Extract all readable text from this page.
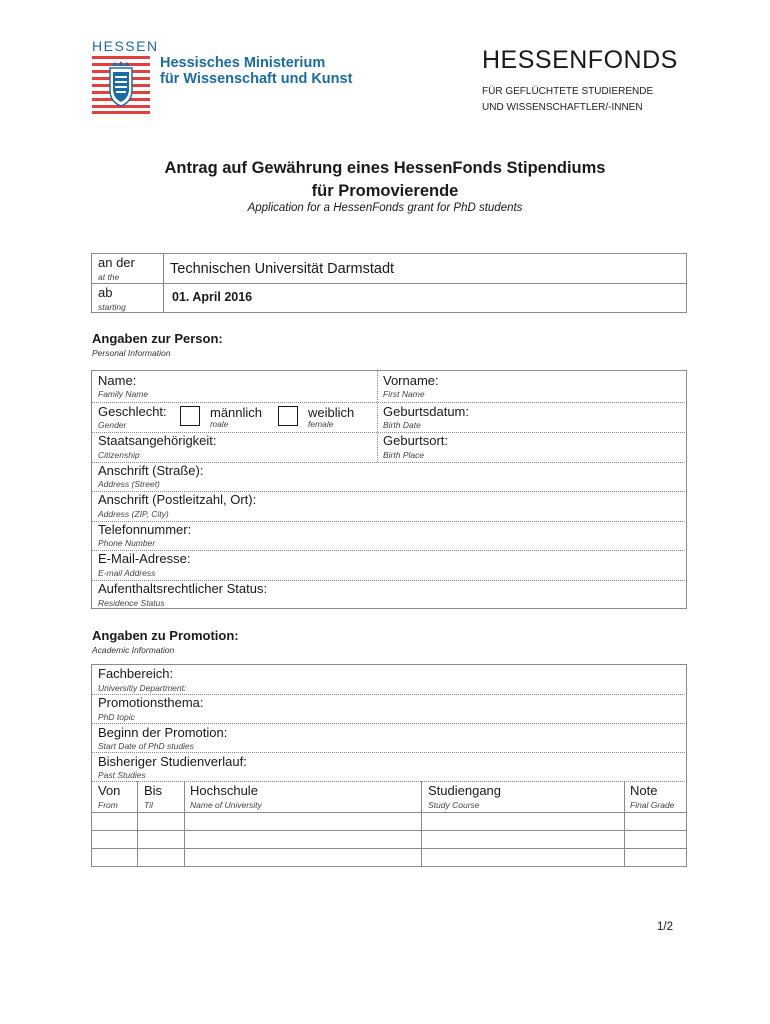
HESSEN
Hessisches Ministerium
für Wissenschaft und Kunst
HESSENFONDS
FÜR GEFLÜCHTETE STUDIERENDE
UND WISSENSCHAFTLER/-INNEN
Antrag auf Gewährung eines HessenFonds Stipendiums
für Promovierende
Application for a HessenFonds grant for PhD students
an der
at the	Technischen Universität Darmstadt
ab
starting
01. April 2016
Angaben zur Person:
Personal Information
Name:
Family Name
Vorname:
First Name
Geschlecht:
Gender
männlich
male
weiblich
female
Geburtsdatum:
Birth Date
Staatsangehörigkeit:
Citizenship
Geburtsort:
Birth Place
Anschrift (Straße):
Address (Street)
Anschrift (Postleitzahl, Ort):
Address (ZIP, City)
Telefonnummer:
Phone Number
E-Mail-Adresse:
E-mail Address
Aufenthaltsrechtlicher Status:
Residence Status
Angaben zu Promotion:
Academic Information
Fachbereich:
Universitiy Department:
Promotionsthema:
PhD topic
Beginn der Promotion:
Start Date of PhD studies
Bisheriger Studienverlauf:
Past Studies
Von
From
Bis
Til
Hochschule
Name of University
Studiengang
Study Course
Note
Final Grade
1/2
